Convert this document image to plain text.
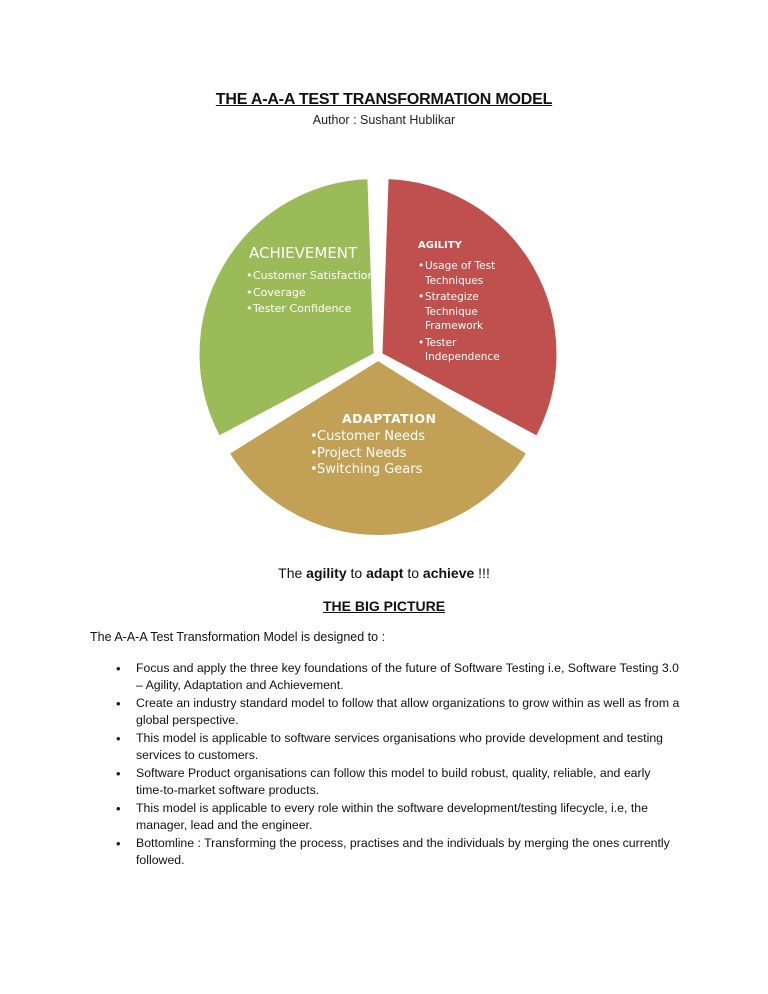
THE A-A-A TEST TRANSFORMATION MODEL
Author : Sushant Hublikar
ACHIEVEMENT
• Customer Satisfaction
• Coverage
• Tester Confidence
AGILITY
• Usage of Test Techniques
• Strategize Technique Framework
• Tester Independence
ADAPTATION
• Customer Needs
• Project Needs
• Switching Gears
The agility to adapt to achieve !!!
THE BIG PICTURE
The A-A-A Test Transformation Model is designed to :
• Focus and apply the three key foundations of the future of Software Testing i.e, Software Testing 3.0 – Agility, Adaptation and Achievement.
• Create an industry standard model to follow that allow organizations to grow within as well as from a global perspective.
• This model is applicable to software services organisations who provide development and testing services to customers.
• Software Product organisations can follow this model to build robust, quality, reliable, and early time-to-market software products.
• This model is applicable to every role within the software development/testing lifecycle, i.e, the manager, lead and the engineer.
• Bottomline : Transforming the process, practises and the individuals by merging the ones currently followed.
